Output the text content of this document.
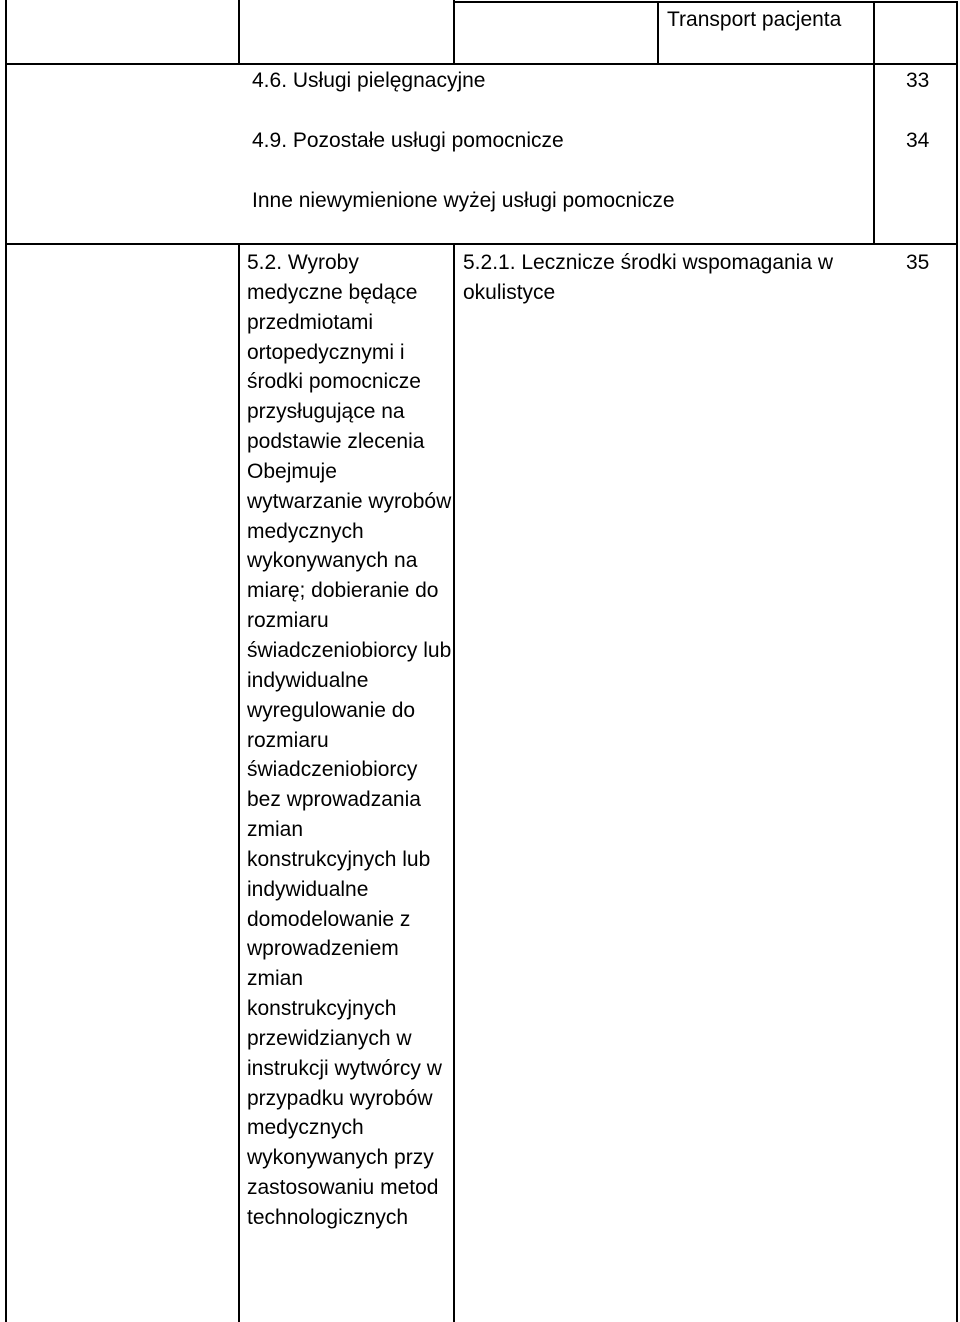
Transport pacjenta
4.6. Usługi pielęgnacyjne	33
4.9. Pozostałe usługi pomocnicze	34
Inne niewymienione wyżej usługi pomocnicze
5.2. Wyroby medyczne będące przedmiotami ortopedycznymi i środki pomocnicze przysługujące na podstawie zlecenia Obejmuje wytwarzanie wyrobów medycznych wykonywanych na miarę; dobieranie do rozmiaru świadczeniobiorcy lub indywidualne wyregulowanie do rozmiaru świadczeniobiorcy bez wprowadzania zmian konstrukcyjnych lub indywidualne domodelowanie z wprowadzeniem zmian konstrukcyjnych przewidzianych w instrukcji wytwórcy w przypadku wyrobów medycznych wykonywanych przy zastosowaniu metod technologicznych
5.2.1. Lecznicze środki wspomagania w okulistyce
35
